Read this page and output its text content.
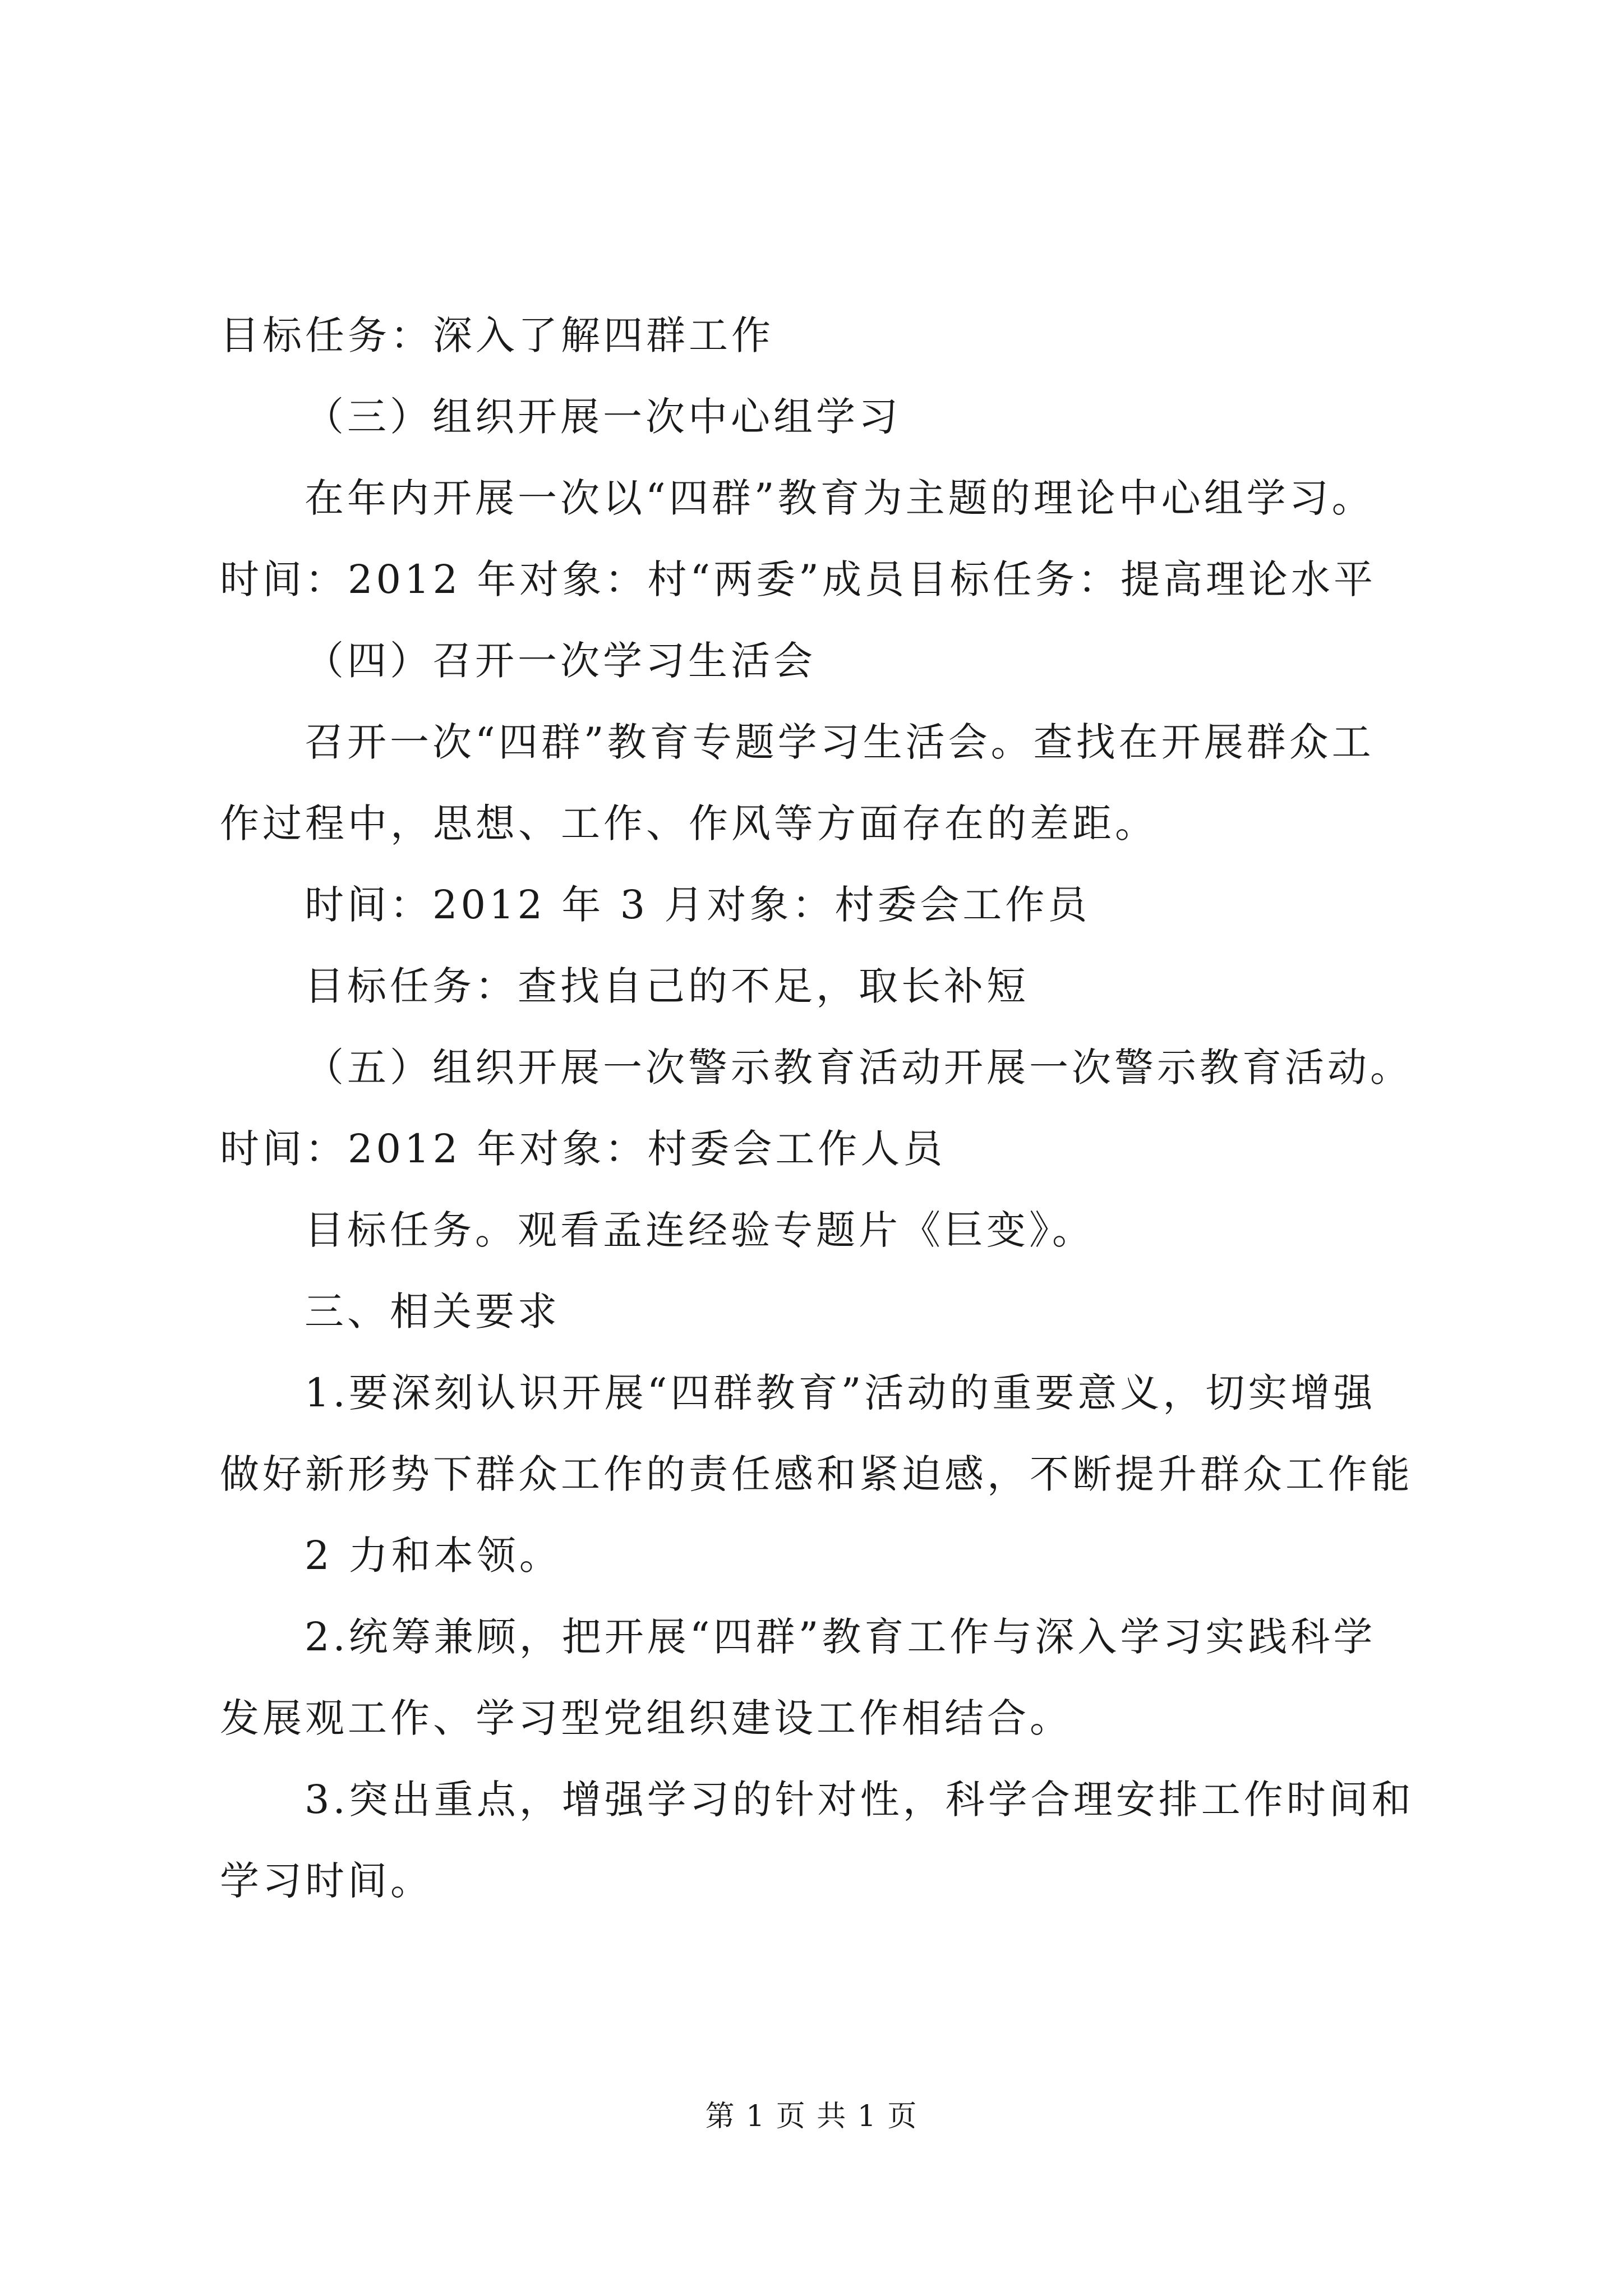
目标任务：深入了解四群工作
（三）组织开展一次中心组学习
在年内开展一次以“四群”教育为主题的理论中心组学习。
时间：2012 年对象：村“两委”成员目标任务：提高理论水平
（四）召开一次学习生活会
召开一次“四群”教育专题学习生活会。查找在开展群众工
作过程中，思想、工作、作风等方面存在的差距。
时间：2012 年 3 月对象：村委会工作员
目标任务：查找自己的不足，取长补短
（五）组织开展一次警示教育活动开展一次警示教育活动。
时间：2012 年对象：村委会工作人员
目标任务。观看孟连经验专题片《巨变》。
三、相关要求
1.要深刻认识开展“四群教育”活动的重要意义，切实增强
做好新形势下群众工作的责任感和紧迫感，不断提升群众工作能
2 力和本领。
2.统筹兼顾，把开展“四群”教育工作与深入学习实践科学
发展观工作、学习型党组织建设工作相结合。
3.突出重点，增强学习的针对性，科学合理安排工作时间和
学习时间。
第 1 页 共 1 页
